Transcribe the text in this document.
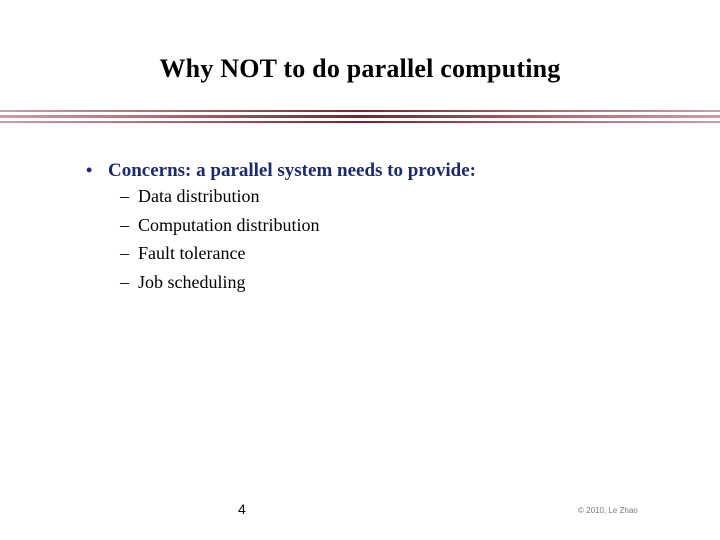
Why NOT to do parallel computing
• Concerns: a parallel system needs to provide:
– Data distribution
– Computation distribution
– Fault tolerance
– Job scheduling
4	© 2010, Le Zhao
